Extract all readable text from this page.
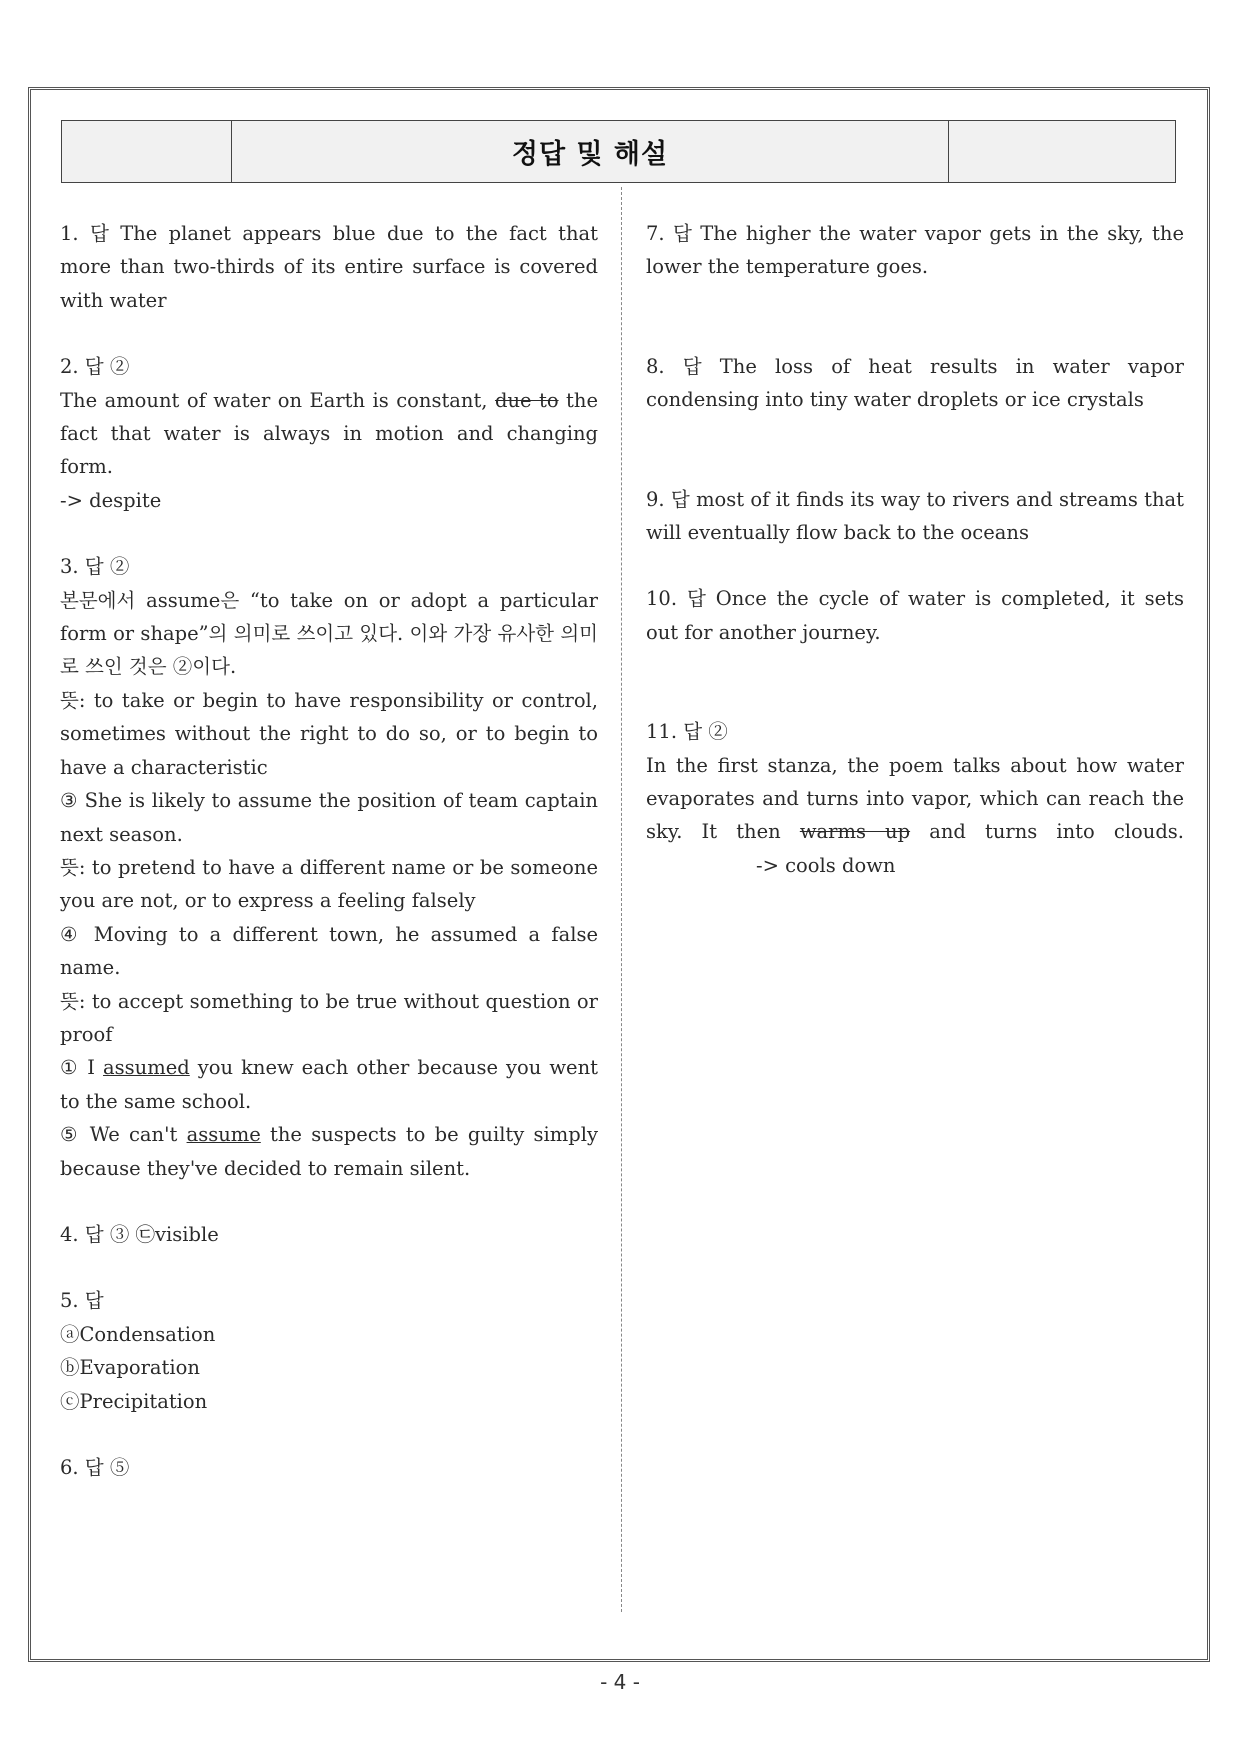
정답 및 해설

1. 답 The planet appears blue due to the fact that more than two-thirds of its entire surface is covered with water

2. 답 ②

The amount of water on Earth is constant, due to the fact that water is always in motion and changing form.

-> despite

3. 답 ②

본문에서 assume은 “to take on or adopt a particular form or shape”의 의미로 쓰이고 있다. 이와 가장 유사한 의미로 쓰인 것은 ②이다.

뜻: to take or begin to have responsibility or control, sometimes without the right to do so, or to begin to have a characteristic

③ She is likely to assume the position of team captain next season.

뜻: to pretend to have a different name or be someone you are not, or to express a feeling falsely

④ Moving to a different town, he assumed a false name.

뜻: to accept something to be true without question or proof

① I assumed you knew each other because you went to the same school.

⑤ We can't assume the suspects to be guilty simply because they've decided to remain silent.

4. 답 ③ ㉢visible

5. 답

ⓐCondensation

ⓑEvaporation

ⓒPrecipitation

6. 답 ⑤

7. 답 The higher the water vapor gets in the sky, the lower the temperature goes.

8. 답 The loss of heat results in water vapor condensing into tiny water droplets or ice crystals

9. 답 most of it finds its way to rivers and streams that will eventually flow back to the oceans

10. 답 Once the cycle of water is completed, it sets out for another journey.

11. 답 ②

In the first stanza, the poem talks about how water evaporates and turns into vapor, which can reach the sky. It then warms up and turns into clouds.-> cools down

- 4 -
